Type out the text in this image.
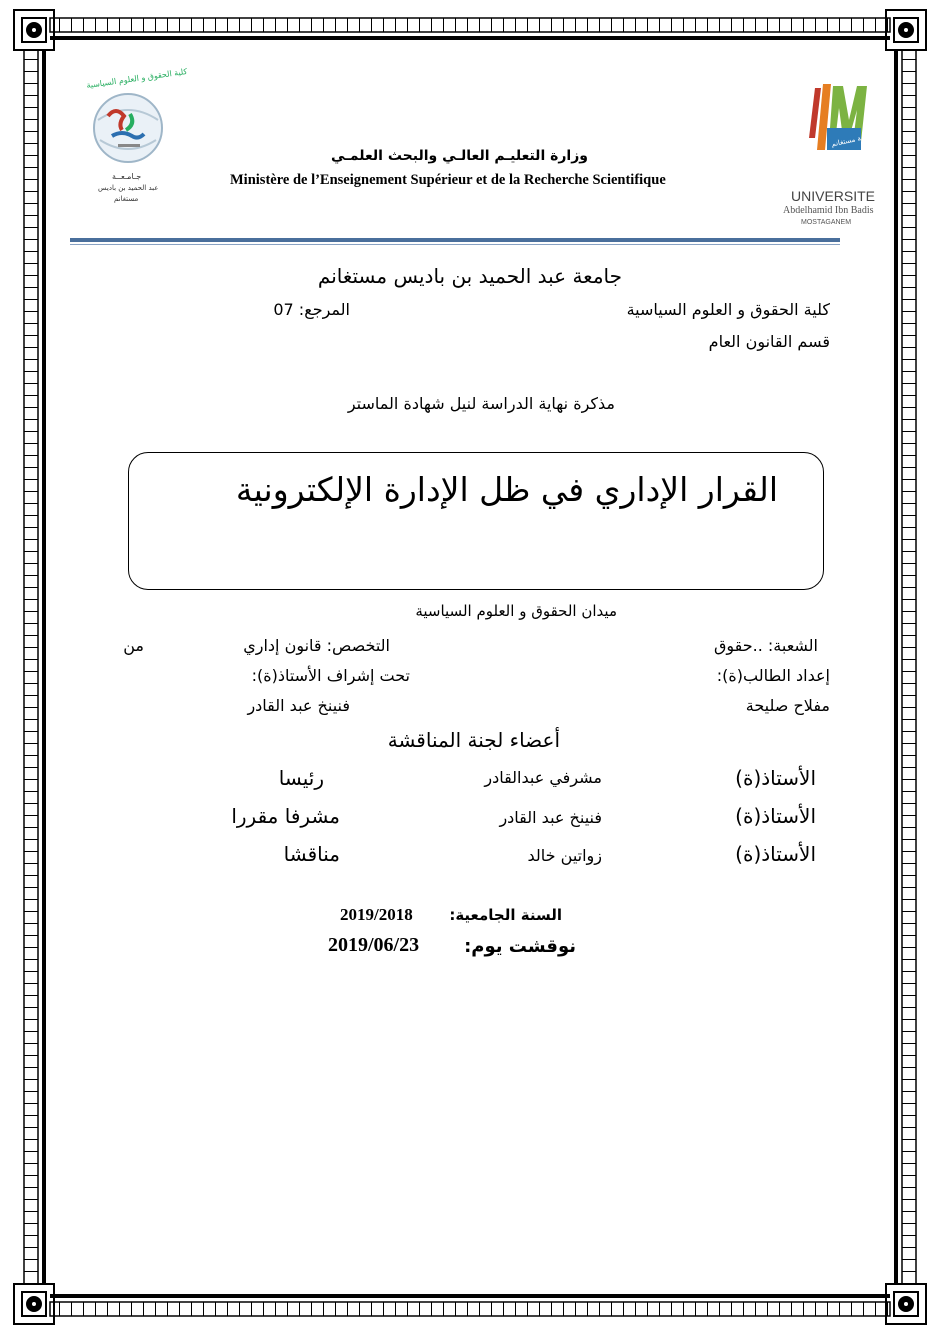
كلية الحقوق و العلوم السياسية
جـامـعــة
عبد الحميد بن باديس
مستغانم
جامعة مستغانم
UNIVERSITE
Abdelhamid Ibn Badis
MOSTAGANEM
وزارة التعليـم العالـي والبحث العلمـي
Ministère de l’Enseignement Supérieur et de la Recherche Scientifique
جامعة عبد الحميد بن باديس مستغانم
كلية الحقوق و العلوم السياسية
المرجع: 07
قسم القانون العام
مذكرة نهاية الدراسة لنيل شهادة الماستر
القرار الإداري في ظل الإدارة الإلكترونية
ميدان الحقوق و العلوم السياسية
الشعبة: ..حقوق
التخصص: قانون إداري
من
إعداد الطالب(ة):
تحت إشراف الأستاذ(ة):
مفلاح صليحة
فنينخ عبد القادر
أعضاء لجنة المناقشة
الأستاذ(ة)
مشرفي عبدالقادر
رئيسا
الأستاذ(ة)
فنينخ عبد القادر
مشرفا مقررا
الأستاذ(ة)
زواتين خالد
مناقشا
السنة الجامعية:
2019/2018
نوقشت يوم:
2019/06/23
